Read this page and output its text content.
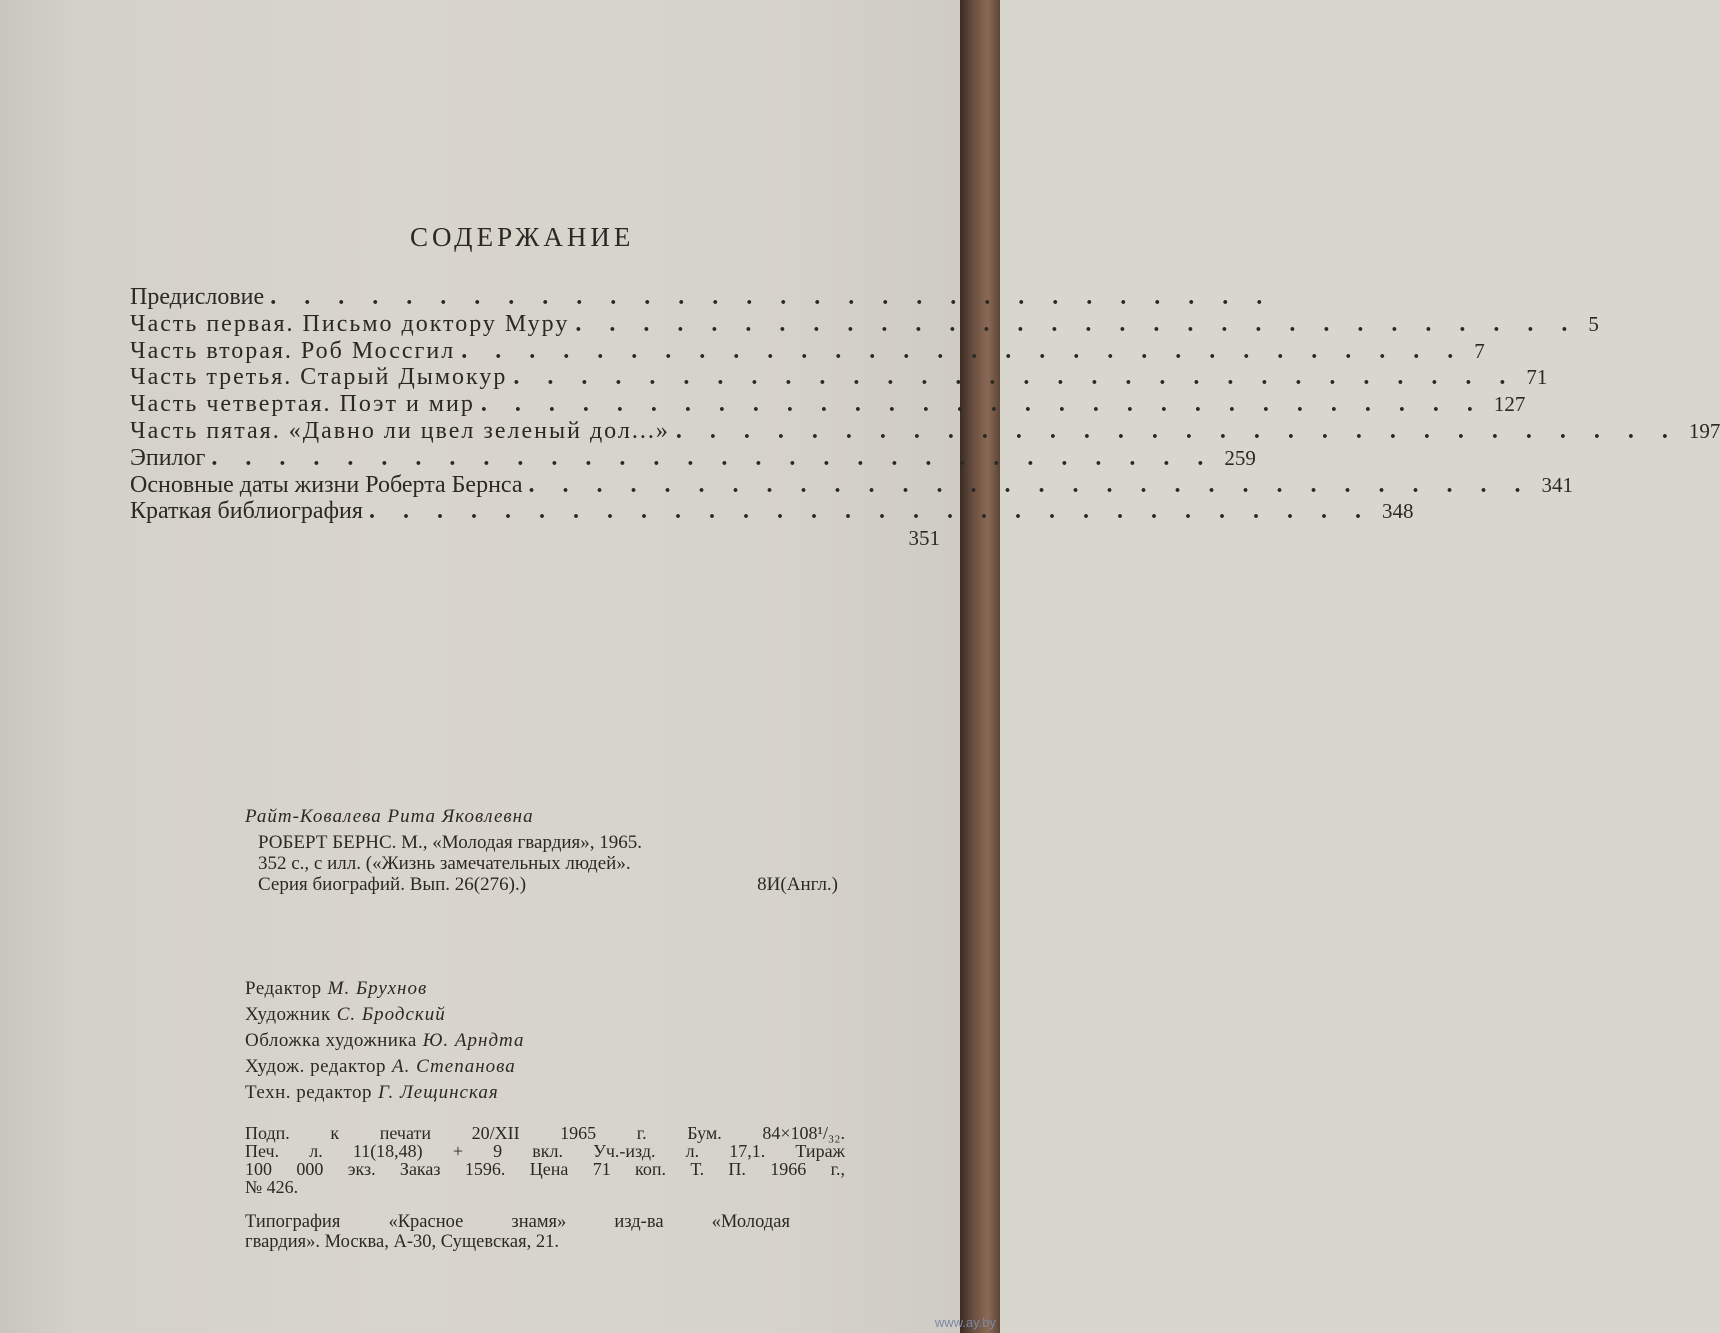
СОДЕРЖАНИЕ
Предисловие . . . . . . . . . . . . . . . . . . . . . . . . . . . . . .
Часть первая. Письмо доктору Муру . . . . . . . . . . . . . . . . . . . . . . . . . . . . . . 5
Часть вторая. Роб Моссгил . . . . . . . . . . . . . . . . . . . . . . . . . . . . . . 7
Часть третья. Старый Дымокур . . . . . . . . . . . . . . . . . . . . . . . . . . . . . . 71
Часть четвертая. Поэт и мир . . . . . . . . . . . . . . . . . . . . . . . . . . . . . . 127
Часть пятая. «Давно ли цвел зеленый дол...» . . . . . . . . . . . . . . . . . . . . . . . . . . . . . . 197
Эпилог . . . . . . . . . . . . . . . . . . . . . . . . . . . . . . 259
Основные даты жизни Роберта Бернса . . . . . . . . . . . . . . . . . . . . . . . . . . . . . . 341
Краткая библиография . . . . . . . . . . . . . . . . . . . . . . . . . . . . . . 348
351
Райт-Ковалева Рита Яковлевна
РОБЕРТ БЕРНС. М., «Молодая гвардия», 1965.
352 с., с илл. («Жизнь замечательных людей».
Серия биографий. Вып. 26(276).)	8И(Англ.)
Редактор М. Брухнов
Художник С. Бродский
Обложка художника Ю. Арндта
Худож. редактор А. Степанова
Техн. редактор Г. Лещинская
Подп. к печати 20/XII 1965 г. Бум. 84×108¹/₃₂.
Печ. л. 11(18,48) + 9 вкл. Уч.-изд. л. 17,1. Тираж
100 000 экз. Заказ 1596. Цена 71 коп. Т. П. 1966 г.,
№ 426.
Типография «Красное знамя» изд-ва «Молодая
гвардия». Москва, А-30, Сущевская, 21.
www.ay.by
